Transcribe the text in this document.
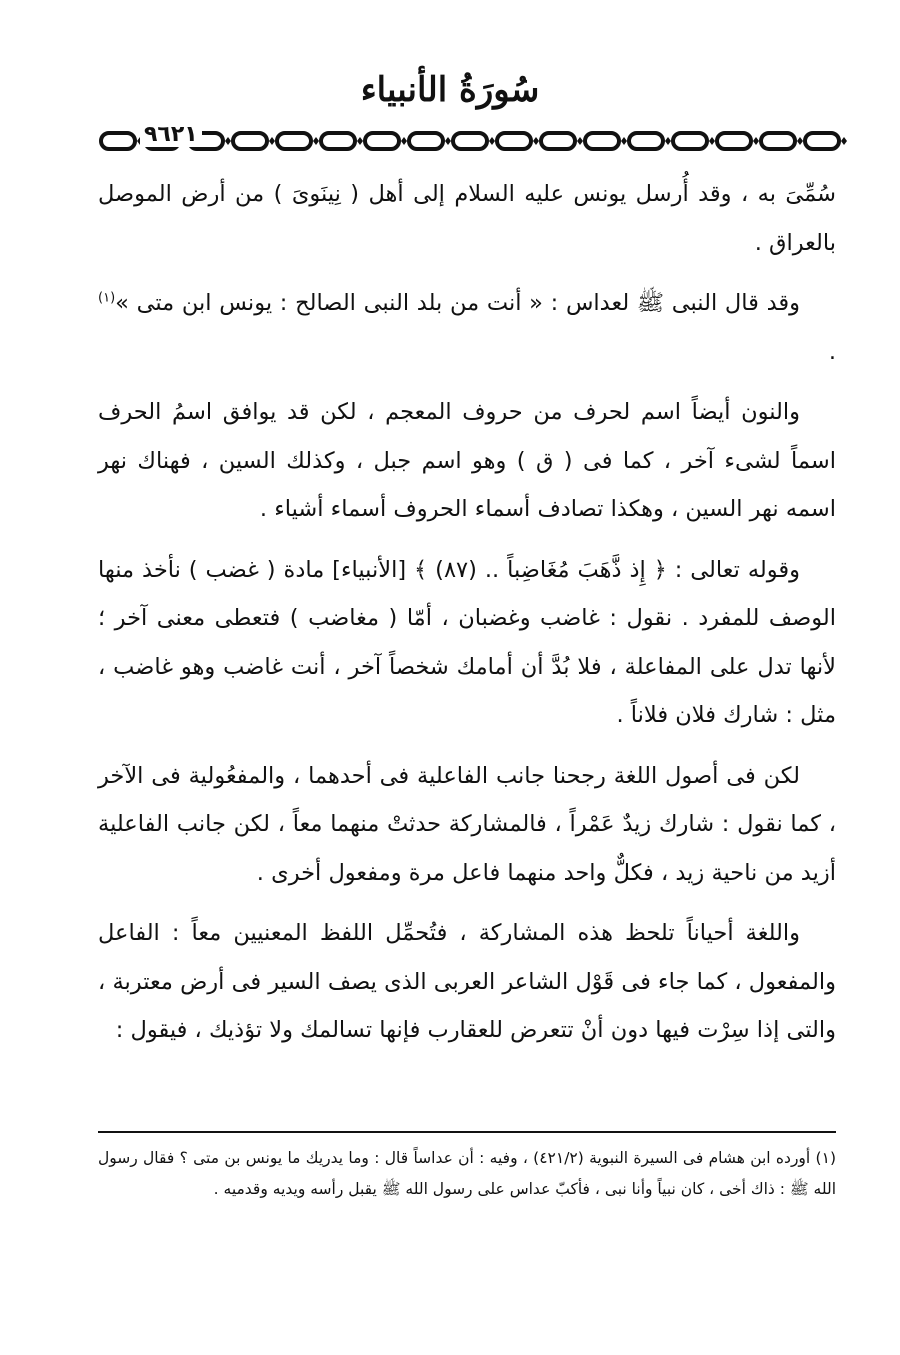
سُورَةُ الأنبياء
٩٦٢١

سُمِّىَ به ، وقد أُرسل يونس عليه السلام إلى أهل ( نِينَوىَ ) من أرض الموصل بالعراق .

وقد قال النبى ﷺ لعداس : « أنت من بلد النبى الصالح : يونس ابن متى »$^{(١)}$ .

والنون أيضاً اسم لحرف من حروف المعجم ، لكن قد يوافق اسمُ الحرف اسماً لشىء آخر ، كما فى ( ق ) وهو اسم جبل ، وكذلك السين ، فهناك نهر اسمه نهر السين ، وهكذا تصادف أسماء الحروف أسماء أشياء .

وقوله تعالى : ﴿ إِذ ذَّهَبَ مُغَاضِباً .. (٨٧) ﴾ [الأنبياء] مادة ( غضب ) نأخذ منها الوصف للمفرد . نقول : غاضب وغضبان ، أمّا ( مغاضب ) فتعطى معنى آخر ؛ لأنها تدل على المفاعلة ، فلا بُدَّ أن أمامك شخصاً آخر ، أنت غاضب وهو غاضب ، مثل : شارك فلان فلاناً .

لكن فى أصول اللغة رجحنا جانب الفاعلية فى أحدهما ، والمفعُولية فى الآخر ، كما نقول : شارك زيدٌ عَمْراً ، فالمشاركة حدثتْ منهما معاً ، لكن جانب الفاعلية أزيد من ناحية زيد ، فكلٌّ واحد منهما فاعل مرة ومفعول أخرى .

واللغة أحياناً تلحظ هذه المشاركة ، فتُحمِّل اللفظ المعنيين معاً : الفاعل والمفعول ، كما جاء فى قَوْل الشاعر العربى الذى يصف السير فى أرض معتربة ، والتى إذا سِرْت فيها دون أنْ تتعرض للعقارب فإنها تسالمك ولا تؤذيك ، فيقول :

(١) أورده ابن هشام فى السيرة النبوية (٤٢١/٢) ، وفيه : أن عداساً قال : وما يدريك ما يونس بن متى ؟ فقال رسول الله ﷺ : ذاك أخى ، كان نبياً وأنا نبى ، فأكبّ عداس على رسول الله ﷺ يقبل رأسه ويديه وقدميه .
